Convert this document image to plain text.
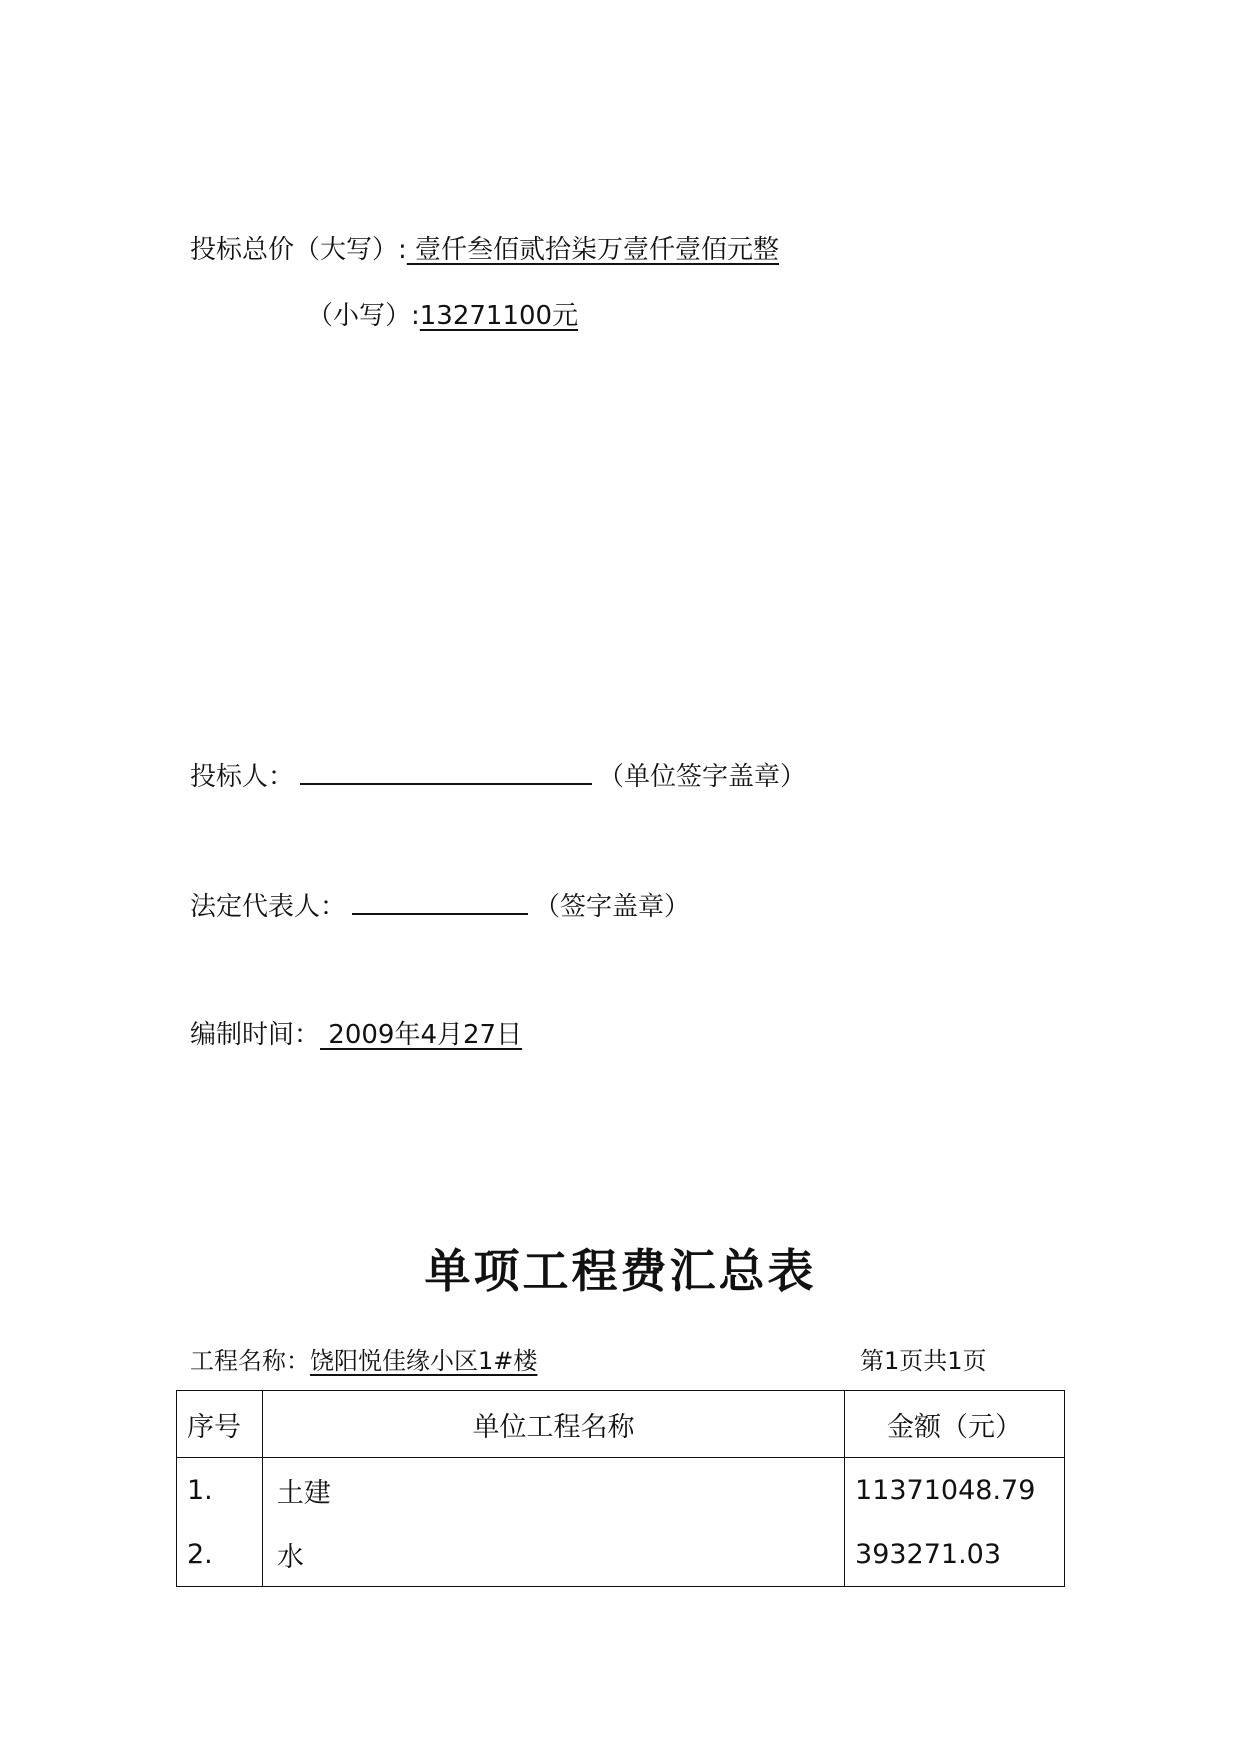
投标总价（大写）: 壹仟叁佰贰拾柒万壹仟壹佰元整
（小写）:13271100元
投标人：	（单位签字盖章）
法定代表人：	（签字盖章）
编制时间： 2009年4月27日
单项工程费汇总表
工程名称：饶阳悦佳缘小区1#楼	第1页共1页
序号	单位工程名称	金额（元）
1.	土建	11371048.79
2.	水	393271.03
